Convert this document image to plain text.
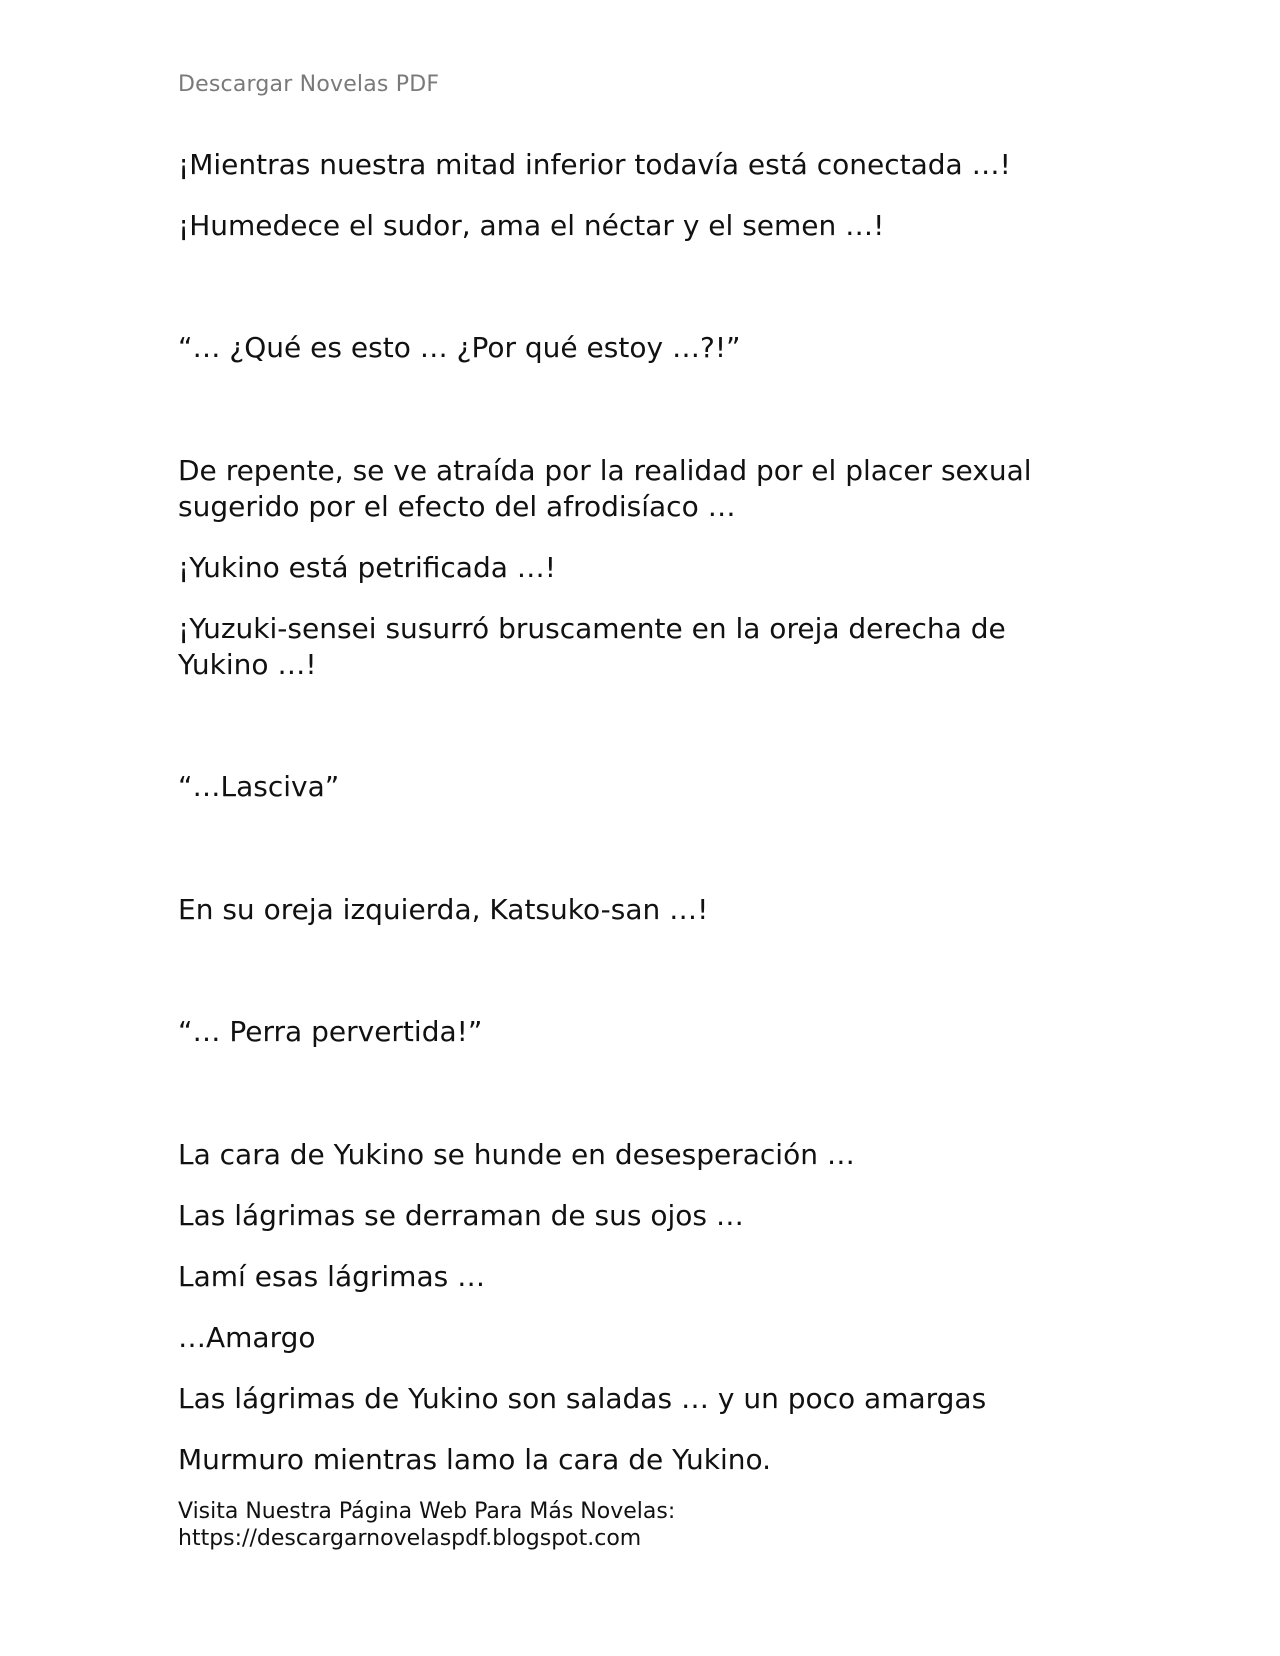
Descargar Novelas PDF

¡Mientras nuestra mitad inferior todavía está conectada …!

¡Humedece el sudor, ama el néctar y el semen …!

“… ¿Qué es esto … ¿Por qué estoy …?!”

De repente, se ve atraída por la realidad por el placer sexual sugerido por el efecto del afrodisíaco …

¡Yukino está petrificada …!

¡Yuzuki-sensei susurró bruscamente en la oreja derecha de Yukino …!

“…Lasciva”

En su oreja izquierda, Katsuko-san …!

“… Perra pervertida!”

La cara de Yukino se hunde en desesperación …

Las lágrimas se derraman de sus ojos …

Lamí esas lágrimas …

…Amargo

Las lágrimas de Yukino son saladas … y un poco amargas

Murmuro mientras lamo la cara de Yukino.

Visita Nuestra Página Web Para Más Novelas:
https://descargarnovelaspdf.blogspot.com
